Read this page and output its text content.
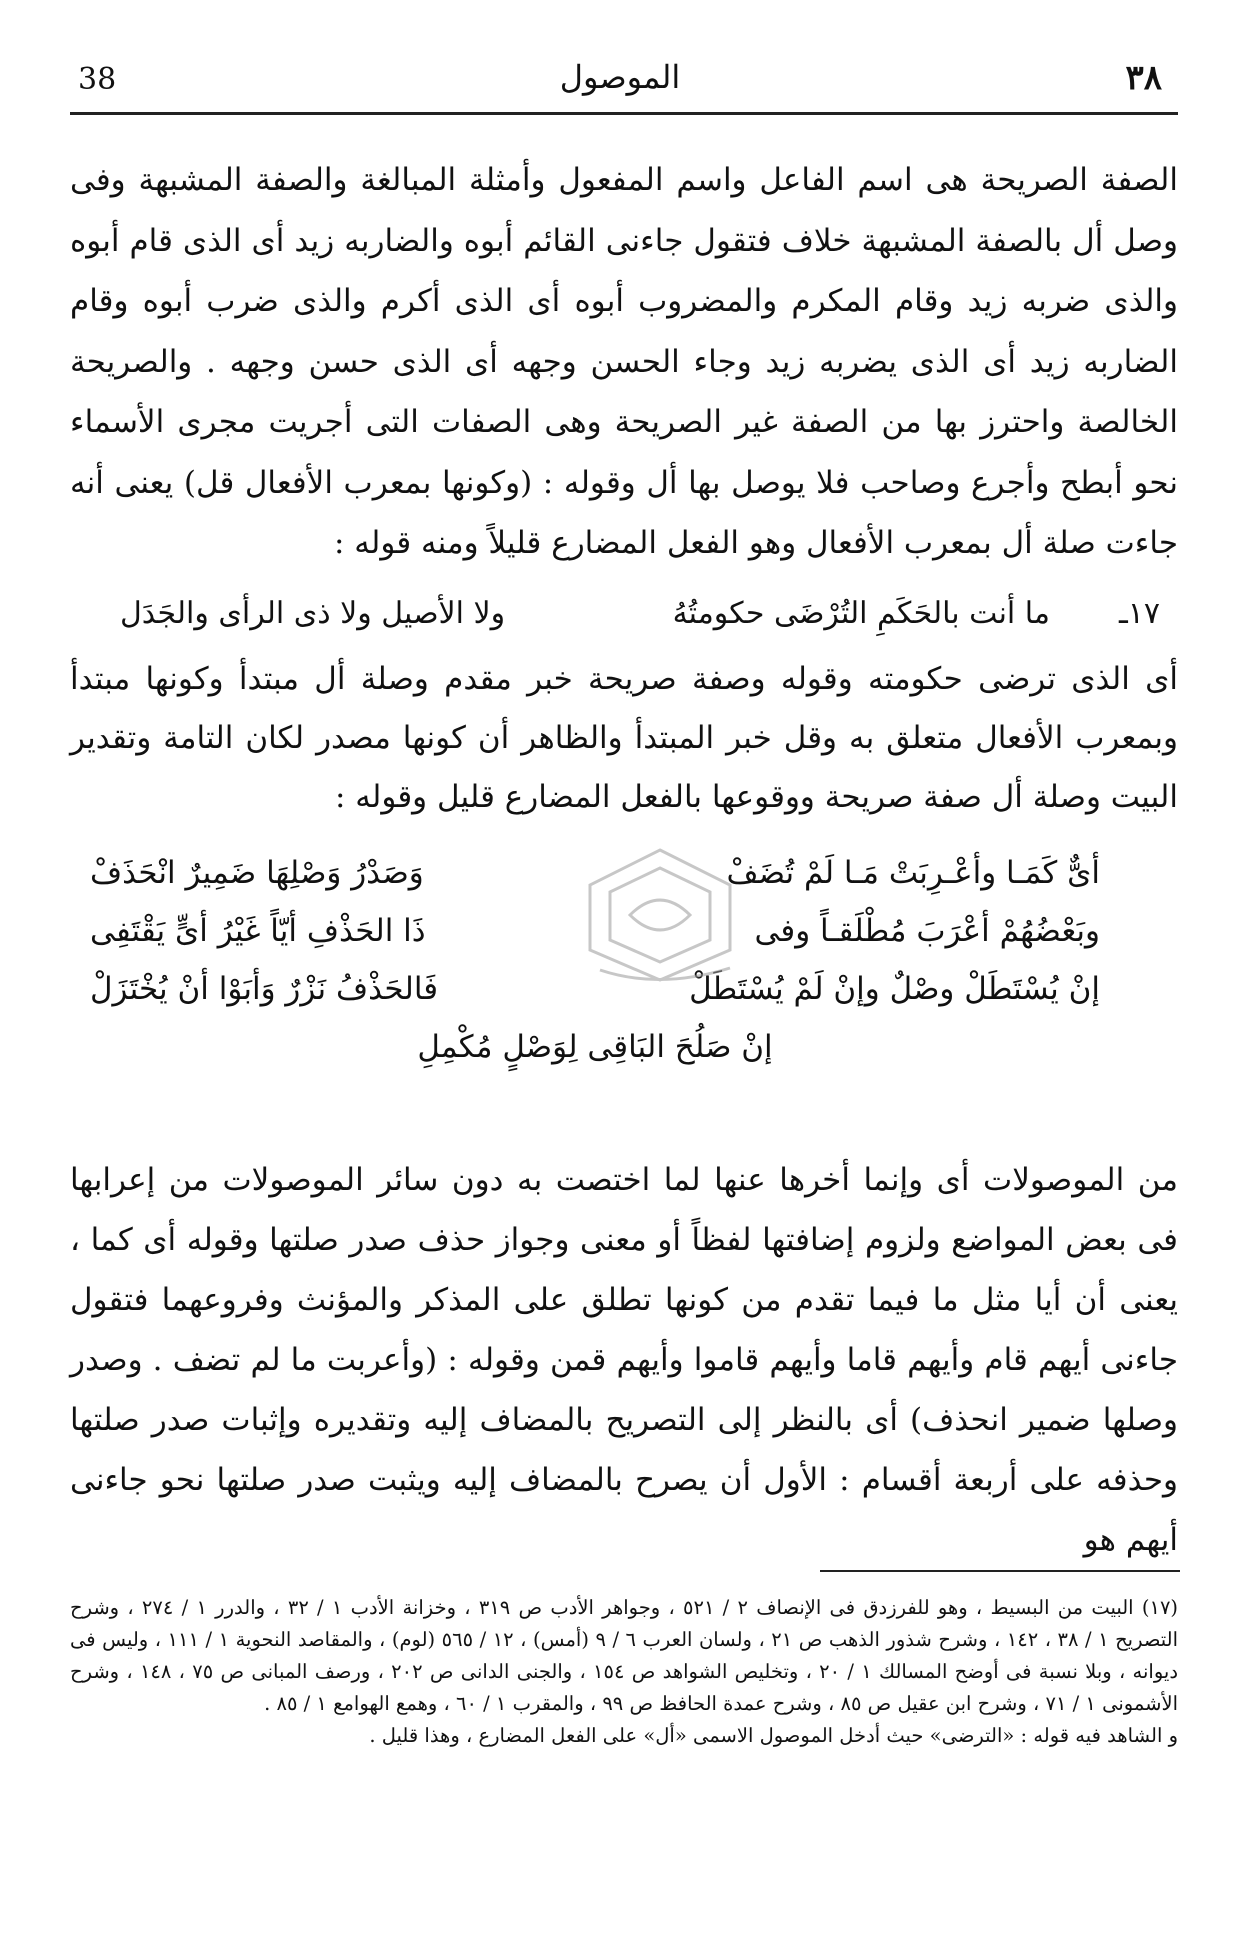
38	الموصول	٣٨

الصفة الصريحة هى اسم الفاعل واسم المفعول وأمثلة المبالغة والصفة المشبهة وفى وصل أل بالصفة المشبهة خلاف فتقول جاءنى القائم أبوه والضاربه زيد أى الذى قام أبوه والذى ضربه زيد وقام المكرم والمضروب أبوه أى الذى أكرم والذى ضرب أبوه وقام الضاربه زيد أى الذى يضربه زيد وجاء الحسن وجهه أى الذى حسن وجهه . والصريحة الخالصة واحترز بها من الصفة غير الصريحة وهى الصفات التى أجريت مجرى الأسماء نحو أبطح وأجرع وصاحب فلا يوصل بها أل وقوله : (وكونها بمعرب الأفعال قل) يعنى أنه جاءت صلة أل بمعرب الأفعال وهو الفعل المضارع قليلاً ومنه قوله :

١٧ـ
ما أنت بالحَكَمِ التُرْضَى حكومتُهُ
ولا الأصيل ولا ذى الرأى والجَدَل

أى الذى ترضى حكومته وقوله وصفة صريحة خبر مقدم وصلة أل مبتدأ وكونها مبتدأ وبمعرب الأفعال متعلق به وقل خبر المبتدأ والظاهر أن كونها مصدر لكان التامة وتقدير البيت وصلة أل صفة صريحة ووقوعها بالفعل المضارع قليل وقوله :

أىٌّ كَمَـا وأعْـرِبَتْ مَـا لَمْ تُضَفْ
وَصَدْرُ وَصْلِهَا ضَمِيرٌ انْحَذَفْ
وبَعْضُهُمْ أعْرَبَ مُطْلَقـاً وفى
ذَا الحَذْفِ أيّاً غَيْرُ أىٍّ يَقْتَفِى
إنْ يُسْتَطَلْ وصْلٌ وإنْ لَمْ يُسْتَطَلْ
فَالحَذْفُ نَزْرٌ وَأبَوْا أنْ يُخْتَزَلْ
إنْ صَلُحَ البَاقِى لِوَصْلٍ مُكْمِلِ

من الموصولات أى وإنما أخرها عنها لما اختصت به دون سائر الموصولات من إعرابها فى بعض المواضع ولزوم إضافتها لفظاً أو معنى وجواز حذف صدر صلتها وقوله أى كما ، يعنى أن أيا مثل ما فيما تقدم من كونها تطلق على المذكر والمؤنث وفروعهما فتقول جاءنى أيهم قام وأيهم قاما وأيهم قاموا وأيهم قمن وقوله : (وأعربت ما لم تضف . وصدر وصلها ضمير انحذف) أى بالنظر إلى التصريح بالمضاف إليه وتقديره وإثبات صدر صلتها وحذفه على أربعة أقسام : الأول أن يصرح بالمضاف إليه ويثبت صدر صلتها نحو جاءنى أيهم هو

(١٧) البيت من البسيط ، وهو للفرزدق فى الإنصاف ٢ / ٥٢١ ، وجواهر الأدب ص ٣١٩ ، وخزانة الأدب ١ / ٣٢ ، والدرر ١ / ٢٧٤ ، وشرح التصريح ١ / ٣٨ ، ١٤٢ ، وشرح شذور الذهب ص ٢١ ، ولسان العرب ٦ / ٩ (أمس) ، ١٢ / ٥٦٥ (لوم) ، والمقاصد النحوية ١ / ١١١ ، وليس فى ديوانه ، وبلا نسبة فى أوضح المسالك ١ / ٢٠ ، وتخليص الشواهد ص ١٥٤ ، والجنى الدانى ص ٢٠٢ ، ورصف المبانى ص ٧٥ ، ١٤٨ ، وشرح الأشمونى ١ / ٧١ ، وشرح ابن عقيل ص ٨٥ ، وشرح عمدة الحافظ ص ٩٩ ، والمقرب ١ / ٦٠ ، وهمع الهوامع ١ / ٨٥ .

و الشاهد فيه قوله : «الترضى» حيث أدخل الموصول الاسمى «أل» على الفعل المضارع ، وهذا قليل .
